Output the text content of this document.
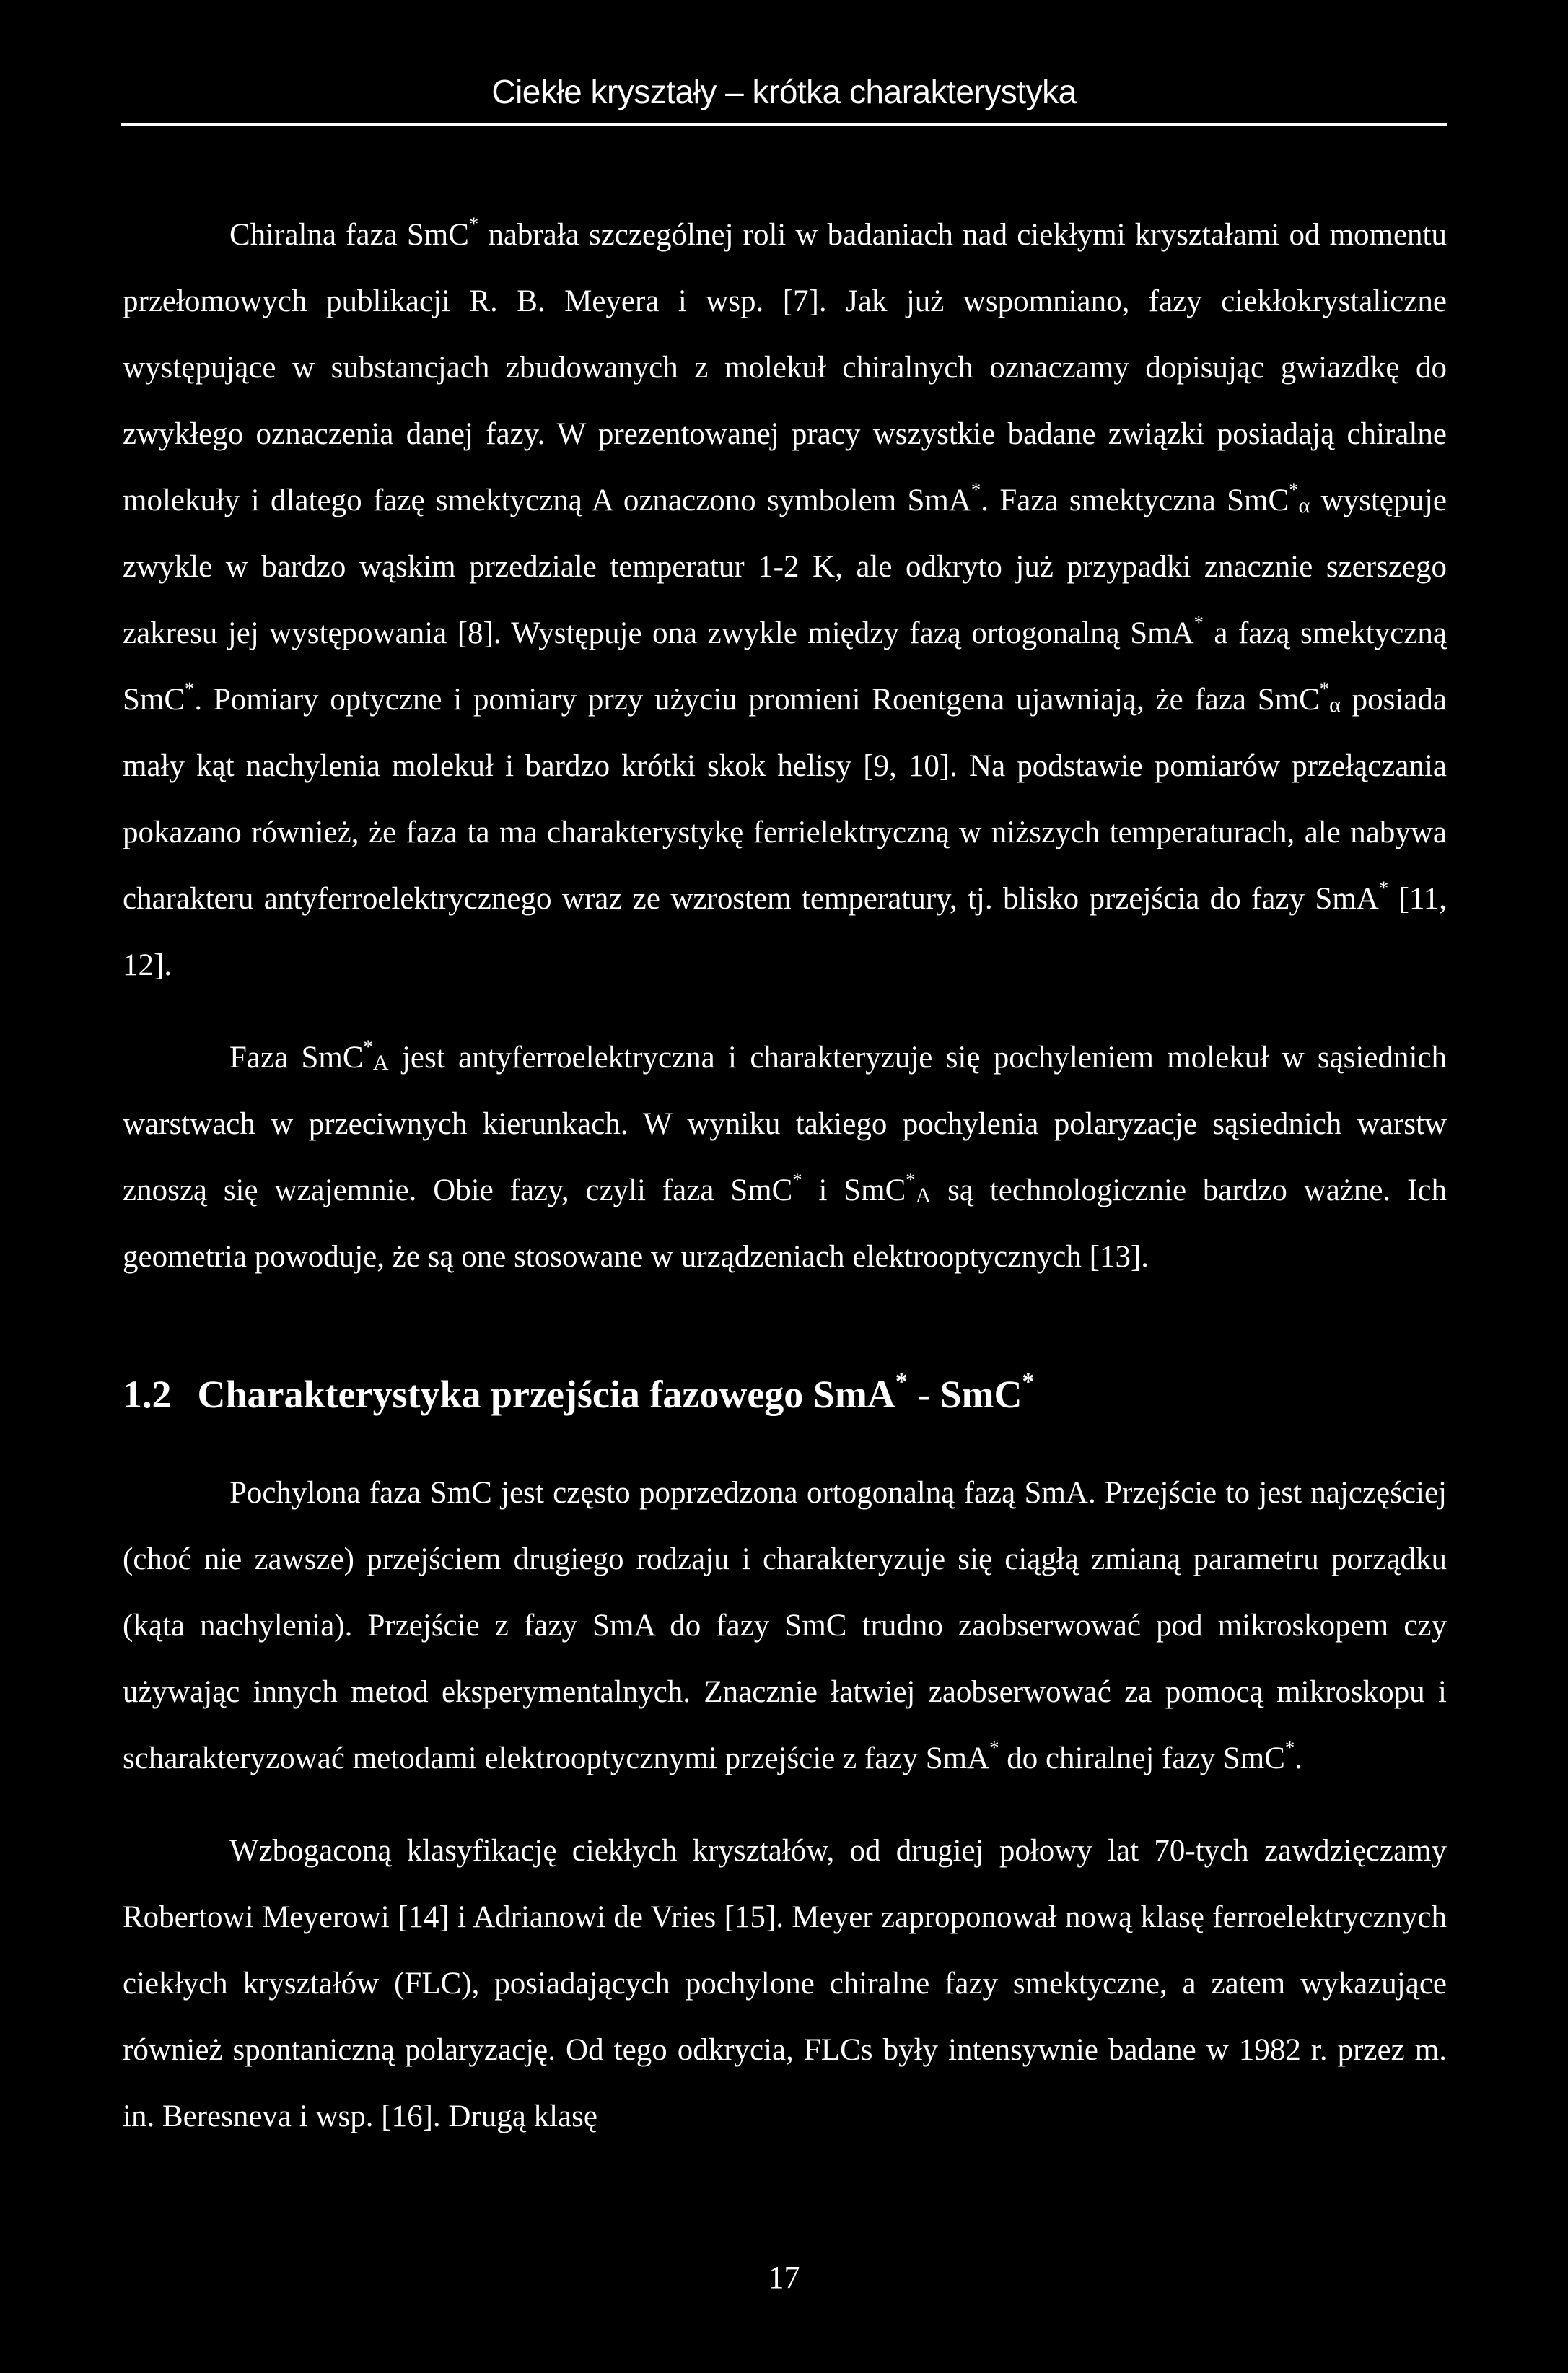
Ciekłe kryształy – krótka charakterystyka

Chiralna faza SmC* nabrała szczególnej roli w badaniach nad ciekłymi kryształami od momentu przełomowych publikacji R. B. Meyera i wsp. [7]. Jak już wspomniano, fazy ciekłokrystaliczne występujące w substancjach zbudowanych z molekuł chiralnych oznaczamy dopisując gwiazdkę do zwykłego oznaczenia danej fazy. W prezentowanej pracy wszystkie badane związki posiadają chiralne molekuły i dlatego fazę smektyczną A oznaczono symbolem SmA*. Faza smektyczna SmC*$_\alpha$ występuje zwykle w bardzo wąskim przedziale temperatur 1-2 K, ale odkryto już przypadki znacznie szerszego zakresu jej występowania [8]. Występuje ona zwykle między fazą ortogonalną SmA* a fazą smektyczną SmC*. Pomiary optyczne i pomiary przy użyciu promieni Roentgena ujawniają, że faza SmC*$_\alpha$ posiada mały kąt nachylenia molekuł i bardzo krótki skok helisy [9, 10]. Na podstawie pomiarów przełączania pokazano również, że faza ta ma charakterystykę ferrielektryczną w niższych temperaturach, ale nabywa charakteru antyferroelektrycznego wraz ze wzrostem temperatury, tj. blisko przejścia do fazy SmA* [11, 12].

Faza SmC*$_A$ jest antyferroelektryczna i charakteryzuje się pochyleniem molekuł w sąsiednich warstwach w przeciwnych kierunkach. W wyniku takiego pochylenia polaryzacje sąsiednich warstw znoszą się wzajemnie. Obie fazy, czyli faza SmC* i SmC*$_A$ są technologicznie bardzo ważne. Ich geometria powoduje, że są one stosowane w urządzeniach elektrooptycznych [13].

1.2 Charakterystyka przejścia fazowego SmA* - SmC*

Pochylona faza SmC jest często poprzedzona ortogonalną fazą SmA. Przejście to jest najczęściej (choć nie zawsze) przejściem drugiego rodzaju i charakteryzuje się ciągłą zmianą parametru porządku (kąta nachylenia). Przejście z fazy SmA do fazy SmC trudno zaobserwować pod mikroskopem czy używając innych metod eksperymentalnych. Znacznie łatwiej zaobserwować za pomocą mikroskopu i scharakteryzować metodami elektrooptycznymi przejście z fazy SmA* do chiralnej fazy SmC*.

Wzbogaconą klasyfikację ciekłych kryształów, od drugiej połowy lat 70-tych zawdzięczamy Robertowi Meyerowi [14] i Adrianowi de Vries [15]. Meyer zaproponował nową klasę ferroelektrycznych ciekłych kryształów (FLC), posiadających pochylone chiralne fazy smektyczne, a zatem wykazujące również spontaniczną polaryzację. Od tego odkrycia, FLCs były intensywnie badane w 1982 r. przez m. in. Beresneva i wsp. [16]. Drugą klasę

17
